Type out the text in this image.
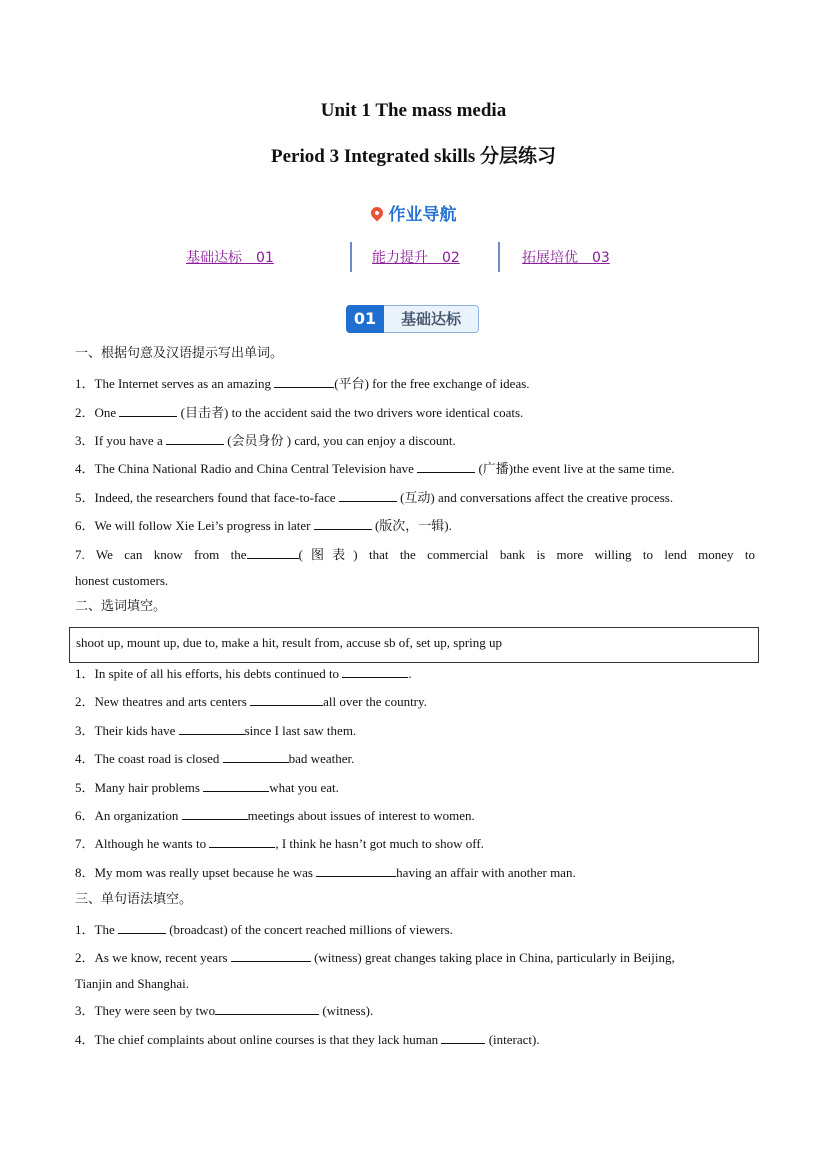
Unit 1 The mass media
Period 3 Integrated skills 分层练习
作业导航
基础达标　01	能力提升　02	拓展培优　03
01	基础达标
一、根据句意及汉语提示写出单词。
1．The Internet serves as an amazing	(平台) for the free exchange of ideas.
2．One	(目击者) to the accident said the two drivers wore identical coats.
3．If you have a	(会员身份 ) card, you can enjoy a discount.
4．The China National Radio and China Central Television have	(广播)the event live at the same time.
5．Indeed, the researchers found that face-to-face	(互动) and conversations affect the creative process.
6．We will follow Xie Lei’s progress in later	(版次，一辑).
7. We can know from the	(图表) that the commercial bank is more willing to lend money to
honest customers.
二、选词填空。
shoot up, mount up, due to, make a hit, result from, accuse sb of, set up, spring up
1．In spite of all his efforts, his debts continued to	.
2．New theatres and arts centers	all over the country.
3．Their kids have	since I last saw them.
4．The coast road is closed	bad weather.
5．Many hair problems	what you eat.
6．An organization	meetings about issues of interest to women.
7．Although he wants to	, I think he hasn’t got much to show off.
8．My mom was really upset because he was	having an affair with another man.
三、单句语法填空。
1．The	(broadcast) of the concert reached millions of viewers.
2．As we know, recent years	(witness) great changes taking place in China, particularly in Beijing,
Tianjin and Shanghai.
3．They were seen by two	(witness).
4．The chief complaints about online courses is that they lack human	(interact).
